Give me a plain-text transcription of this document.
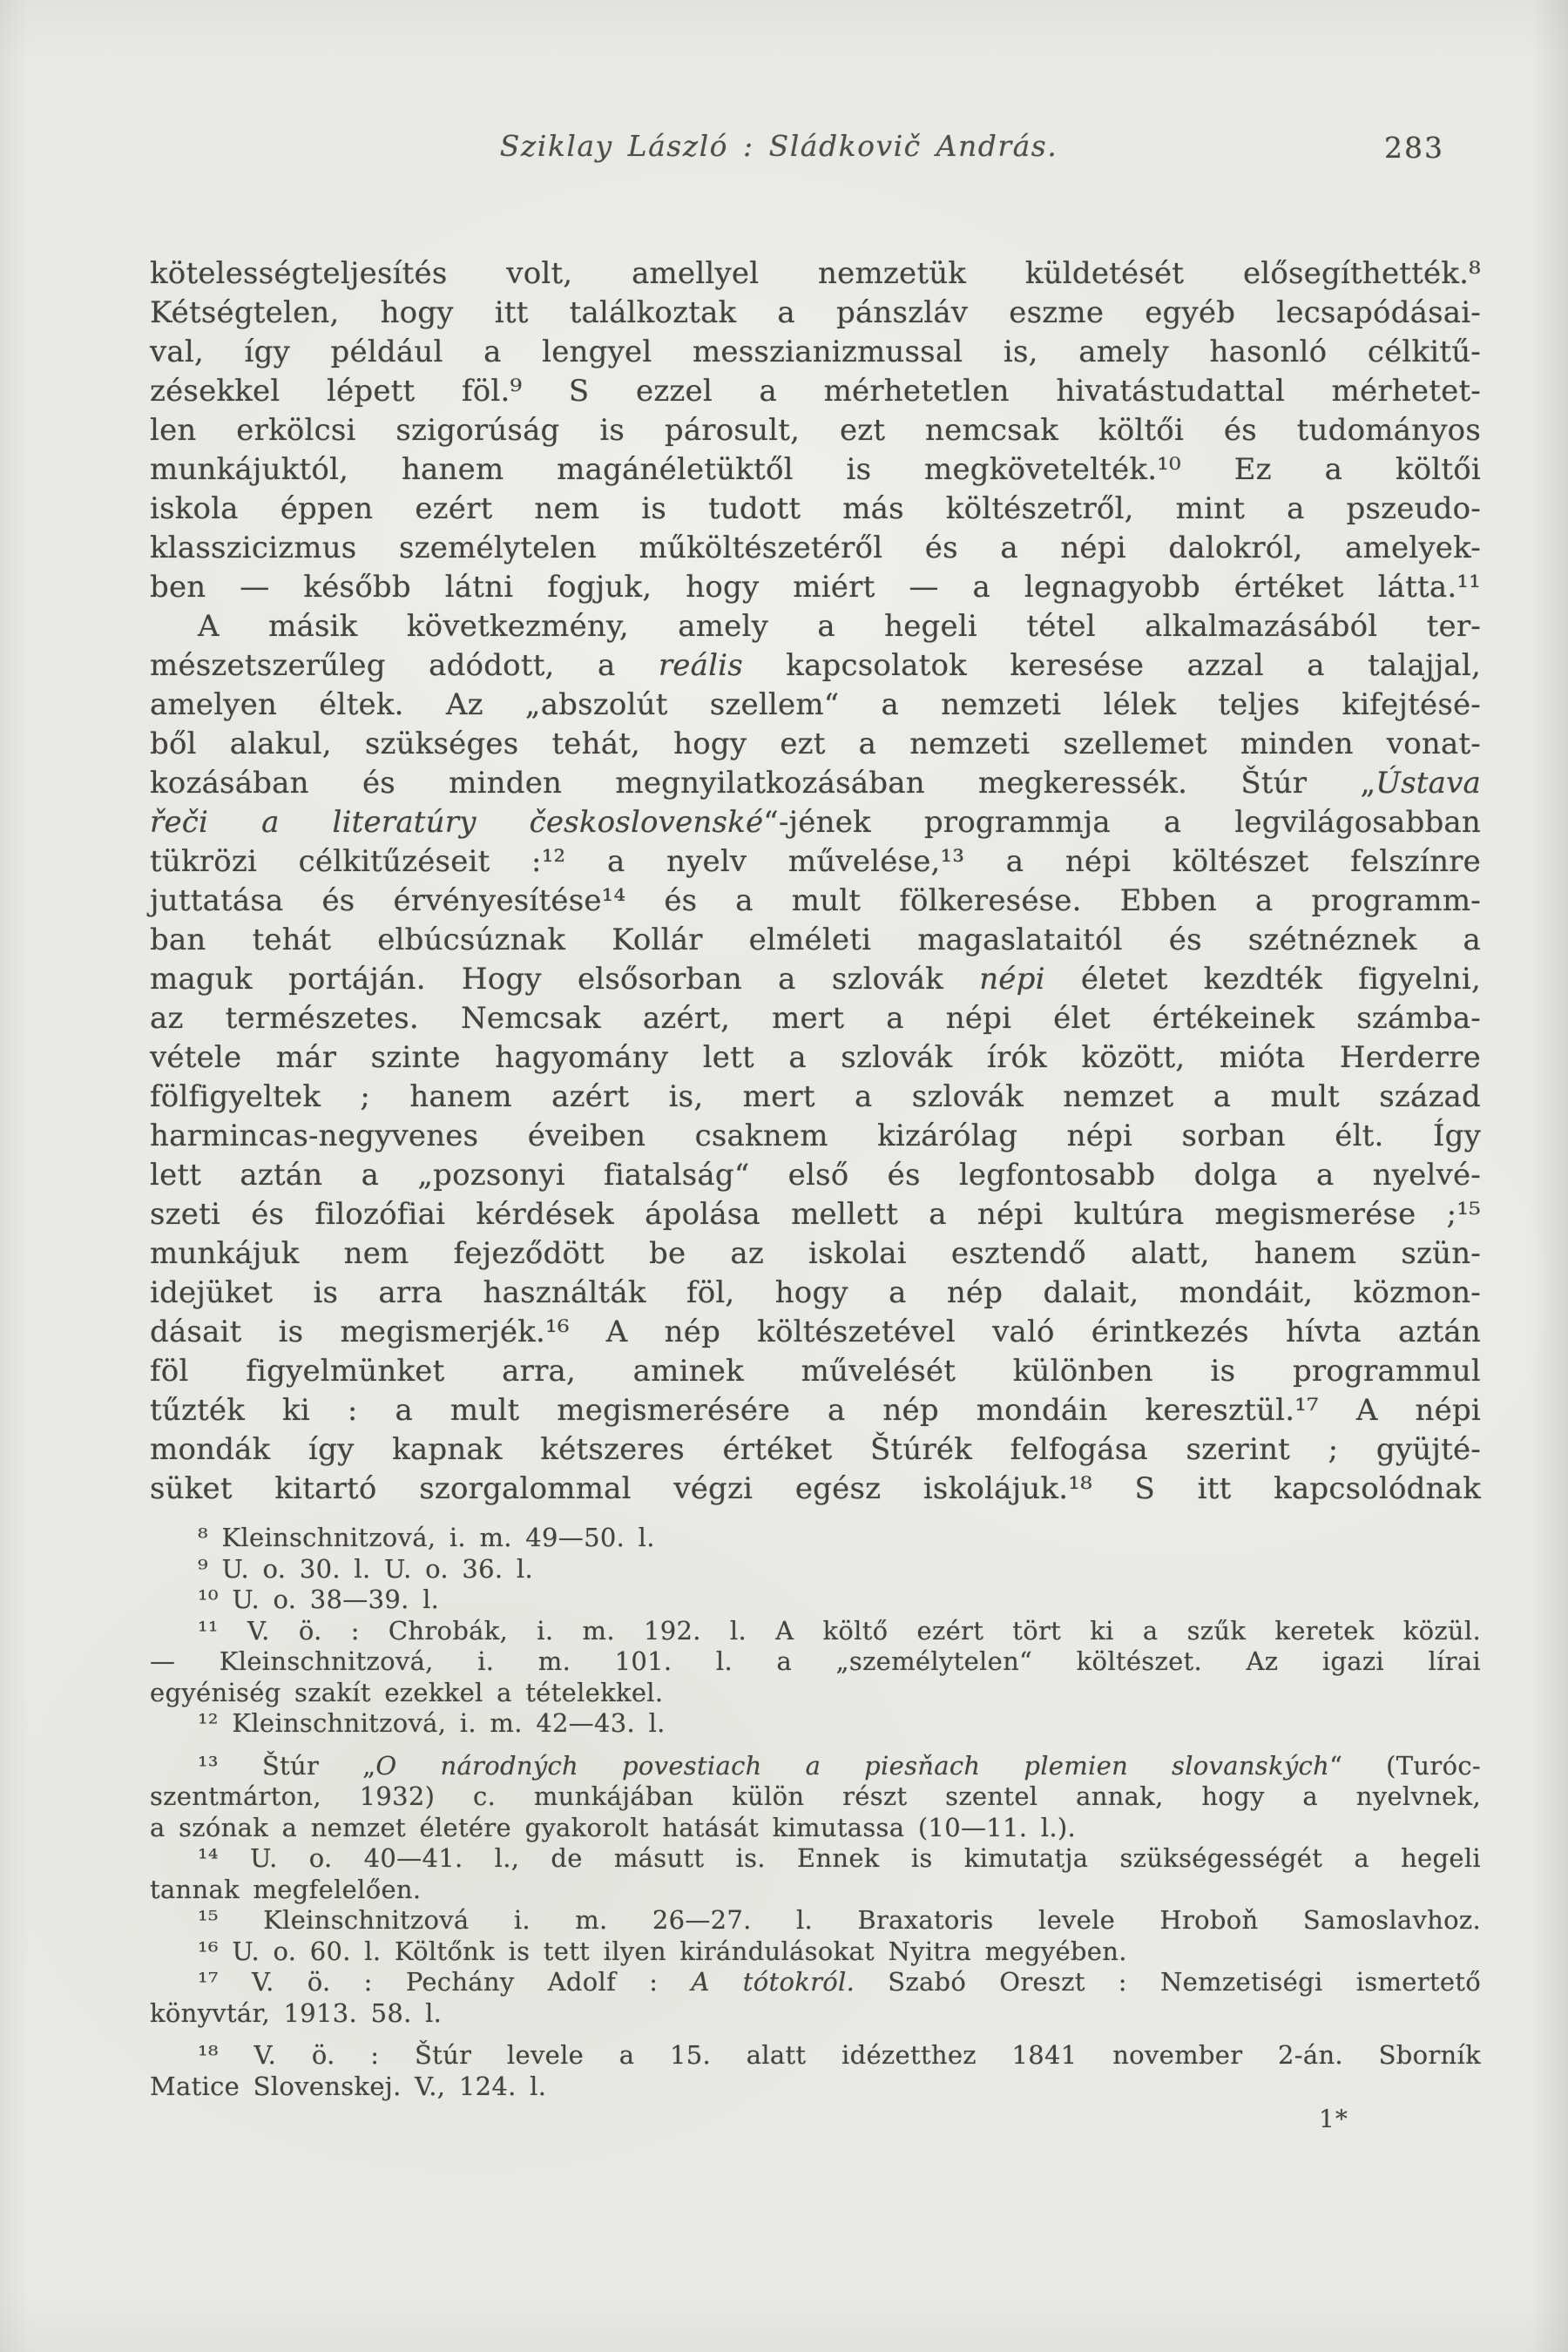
Sziklay László : Sládkovič András.	283
kötelességteljesítés volt, amellyel nemzetük küldetését elősegíthették.⁸
Kétségtelen, hogy itt találkoztak a pánszláv eszme egyéb lecsapódásai-
val, így például a lengyel messzianizmussal is, amely hasonló célkitű-
zésekkel lépett föl.⁹ S ezzel a mérhetetlen hivatástudattal mérhetet-
len erkölcsi szigorúság is párosult, ezt nemcsak költői és tudományos
munkájuktól, hanem magánéletüktől is megkövetelték.¹⁰ Ez a költői
iskola éppen ezért nem is tudott más költészetről, mint a pszeudo-
klasszicizmus személytelen műköltészetéről és a népi dalokról, amelyek-
ben — később látni fogjuk, hogy miért — a legnagyobb értéket látta.¹¹
A másik következmény, amely a hegeli tétel alkalmazásából ter-
mészetszerűleg adódott, a reális kapcsolatok keresése azzal a talajjal,
amelyen éltek. Az „abszolút szellem“ a nemzeti lélek teljes kifejtésé-
ből alakul, szükséges tehát, hogy ezt a nemzeti szellemet minden vonat-
kozásában és minden megnyilatkozásában megkeressék. Štúr „Ústava
řeči a literatúry československé“-jének programmja a legvilágosabban
tükrözi célkitűzéseit :¹² a nyelv művelése,¹³ a népi költészet felszínre
juttatása és érvényesítése¹⁴ és a mult fölkeresése. Ebben a programm-
ban tehát elbúcsúznak Kollár elméleti magaslataitól és szétnéznek a
maguk portáján. Hogy elsősorban a szlovák népi életet kezdték figyelni,
az természetes. Nemcsak azért, mert a népi élet értékeinek számba-
vétele már szinte hagyomány lett a szlovák írók között, mióta Herderre
fölfigyeltek ; hanem azért is, mert a szlovák nemzet a mult század
harmincas-negyvenes éveiben csaknem kizárólag népi sorban élt. Így
lett aztán a „pozsonyi fiatalság“ első és legfontosabb dolga a nyelvé-
szeti és filozófiai kérdések ápolása mellett a népi kultúra megismerése ;¹⁵
munkájuk nem fejeződött be az iskolai esztendő alatt, hanem szün-
idejüket is arra használták föl, hogy a nép dalait, mondáit, közmon-
dásait is megismerjék.¹⁶ A nép költészetével való érintkezés hívta aztán
föl figyelmünket arra, aminek művelését különben is programmul
tűzték ki : a mult megismerésére a nép mondáin keresztül.¹⁷ A népi
mondák így kapnak kétszeres értéket Štúrék felfogása szerint ; gyüjté-
süket kitartó szorgalommal végzi egész iskolájuk.¹⁸ S itt kapcsolódnak
⁸ Kleinschnitzová, i. m. 49—50. l.
⁹ U. o. 30. l. U. o. 36. l.
¹⁰ U. o. 38—39. l.
¹¹ V. ö. : Chrobák, i. m. 192. l. A költő ezért tört ki a szűk keretek közül.
— Kleinschnitzová, i. m. 101. l. a „személytelen“ költészet. Az igazi lírai
egyéniség szakít ezekkel a tételekkel.
¹² Kleinschnitzová, i. m. 42—43. l.
¹³ Štúr „O národných povestiach a piesňach plemien slovanských“ (Turóc-
szentmárton, 1932) c. munkájában külön részt szentel annak, hogy a nyelvnek,
a szónak a nemzet életére gyakorolt hatását kimutassa (10—11. l.).
¹⁴ U. o. 40—41. l., de másutt is. Ennek is kimutatja szükségességét a hegeli
tannak megfelelően.
¹⁵ Kleinschnitzová i. m. 26—27. l. Braxatoris levele Hroboň Samoslavhoz.
¹⁶ U. o. 60. l. Költőnk is tett ilyen kirándulásokat Nyitra megyében.
¹⁷ V. ö. : Pechány Adolf : A tótokról. Szabó Oreszt : Nemzetiségi ismertető
könyvtár, 1913. 58. l.
¹⁸ V. ö. : Štúr levele a 15. alatt idézetthez 1841 november 2-án. Sborník
Matice Slovenskej. V., 124. l.
1*
